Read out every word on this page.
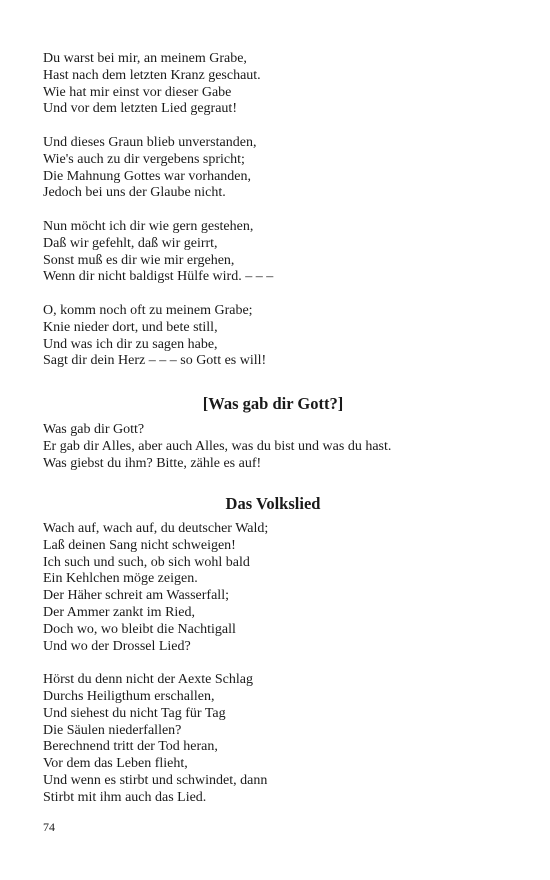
Du warst bei mir, an meinem Grabe,
Hast nach dem letzten Kranz geschaut.
Wie hat mir einst vor dieser Gabe
Und vor dem letzten Lied gegraut!
Und dieses Graun blieb unverstanden,
Wie's auch zu dir vergebens spricht;
Die Mahnung Gottes war vorhanden,
Jedoch bei uns der Glaube nicht.
Nun möcht ich dir wie gern gestehen,
Daß wir gefehlt, daß wir geirrt,
Sonst muß es dir wie mir ergehen,
Wenn dir nicht baldigst Hülfe wird. – – –
O, komm noch oft zu meinem Grabe;
Knie nieder dort, und bete still,
Und was ich dir zu sagen habe,
Sagt dir dein Herz – – – so Gott es will!
[Was gab dir Gott?]
Was gab dir Gott?
Er gab dir Alles, aber auch Alles, was du bist und was du hast.
Was giebst du ihm? Bitte, zähle es auf!
Das Volkslied
Wach auf, wach auf, du deutscher Wald;
Laß deinen Sang nicht schweigen!
Ich such und such, ob sich wohl bald
Ein Kehlchen möge zeigen.
Der Häher schreit am Wasserfall;
Der Ammer zankt im Ried,
Doch wo, wo bleibt die Nachtigall
Und wo der Drossel Lied?
Hörst du denn nicht der Aexte Schlag
Durchs Heiligthum erschallen,
Und siehest du nicht Tag für Tag
Die Säulen niederfallen?
Berechnend tritt der Tod heran,
Vor dem das Leben flieht,
Und wenn es stirbt und schwindet, dann
Stirbt mit ihm auch das Lied.
74
